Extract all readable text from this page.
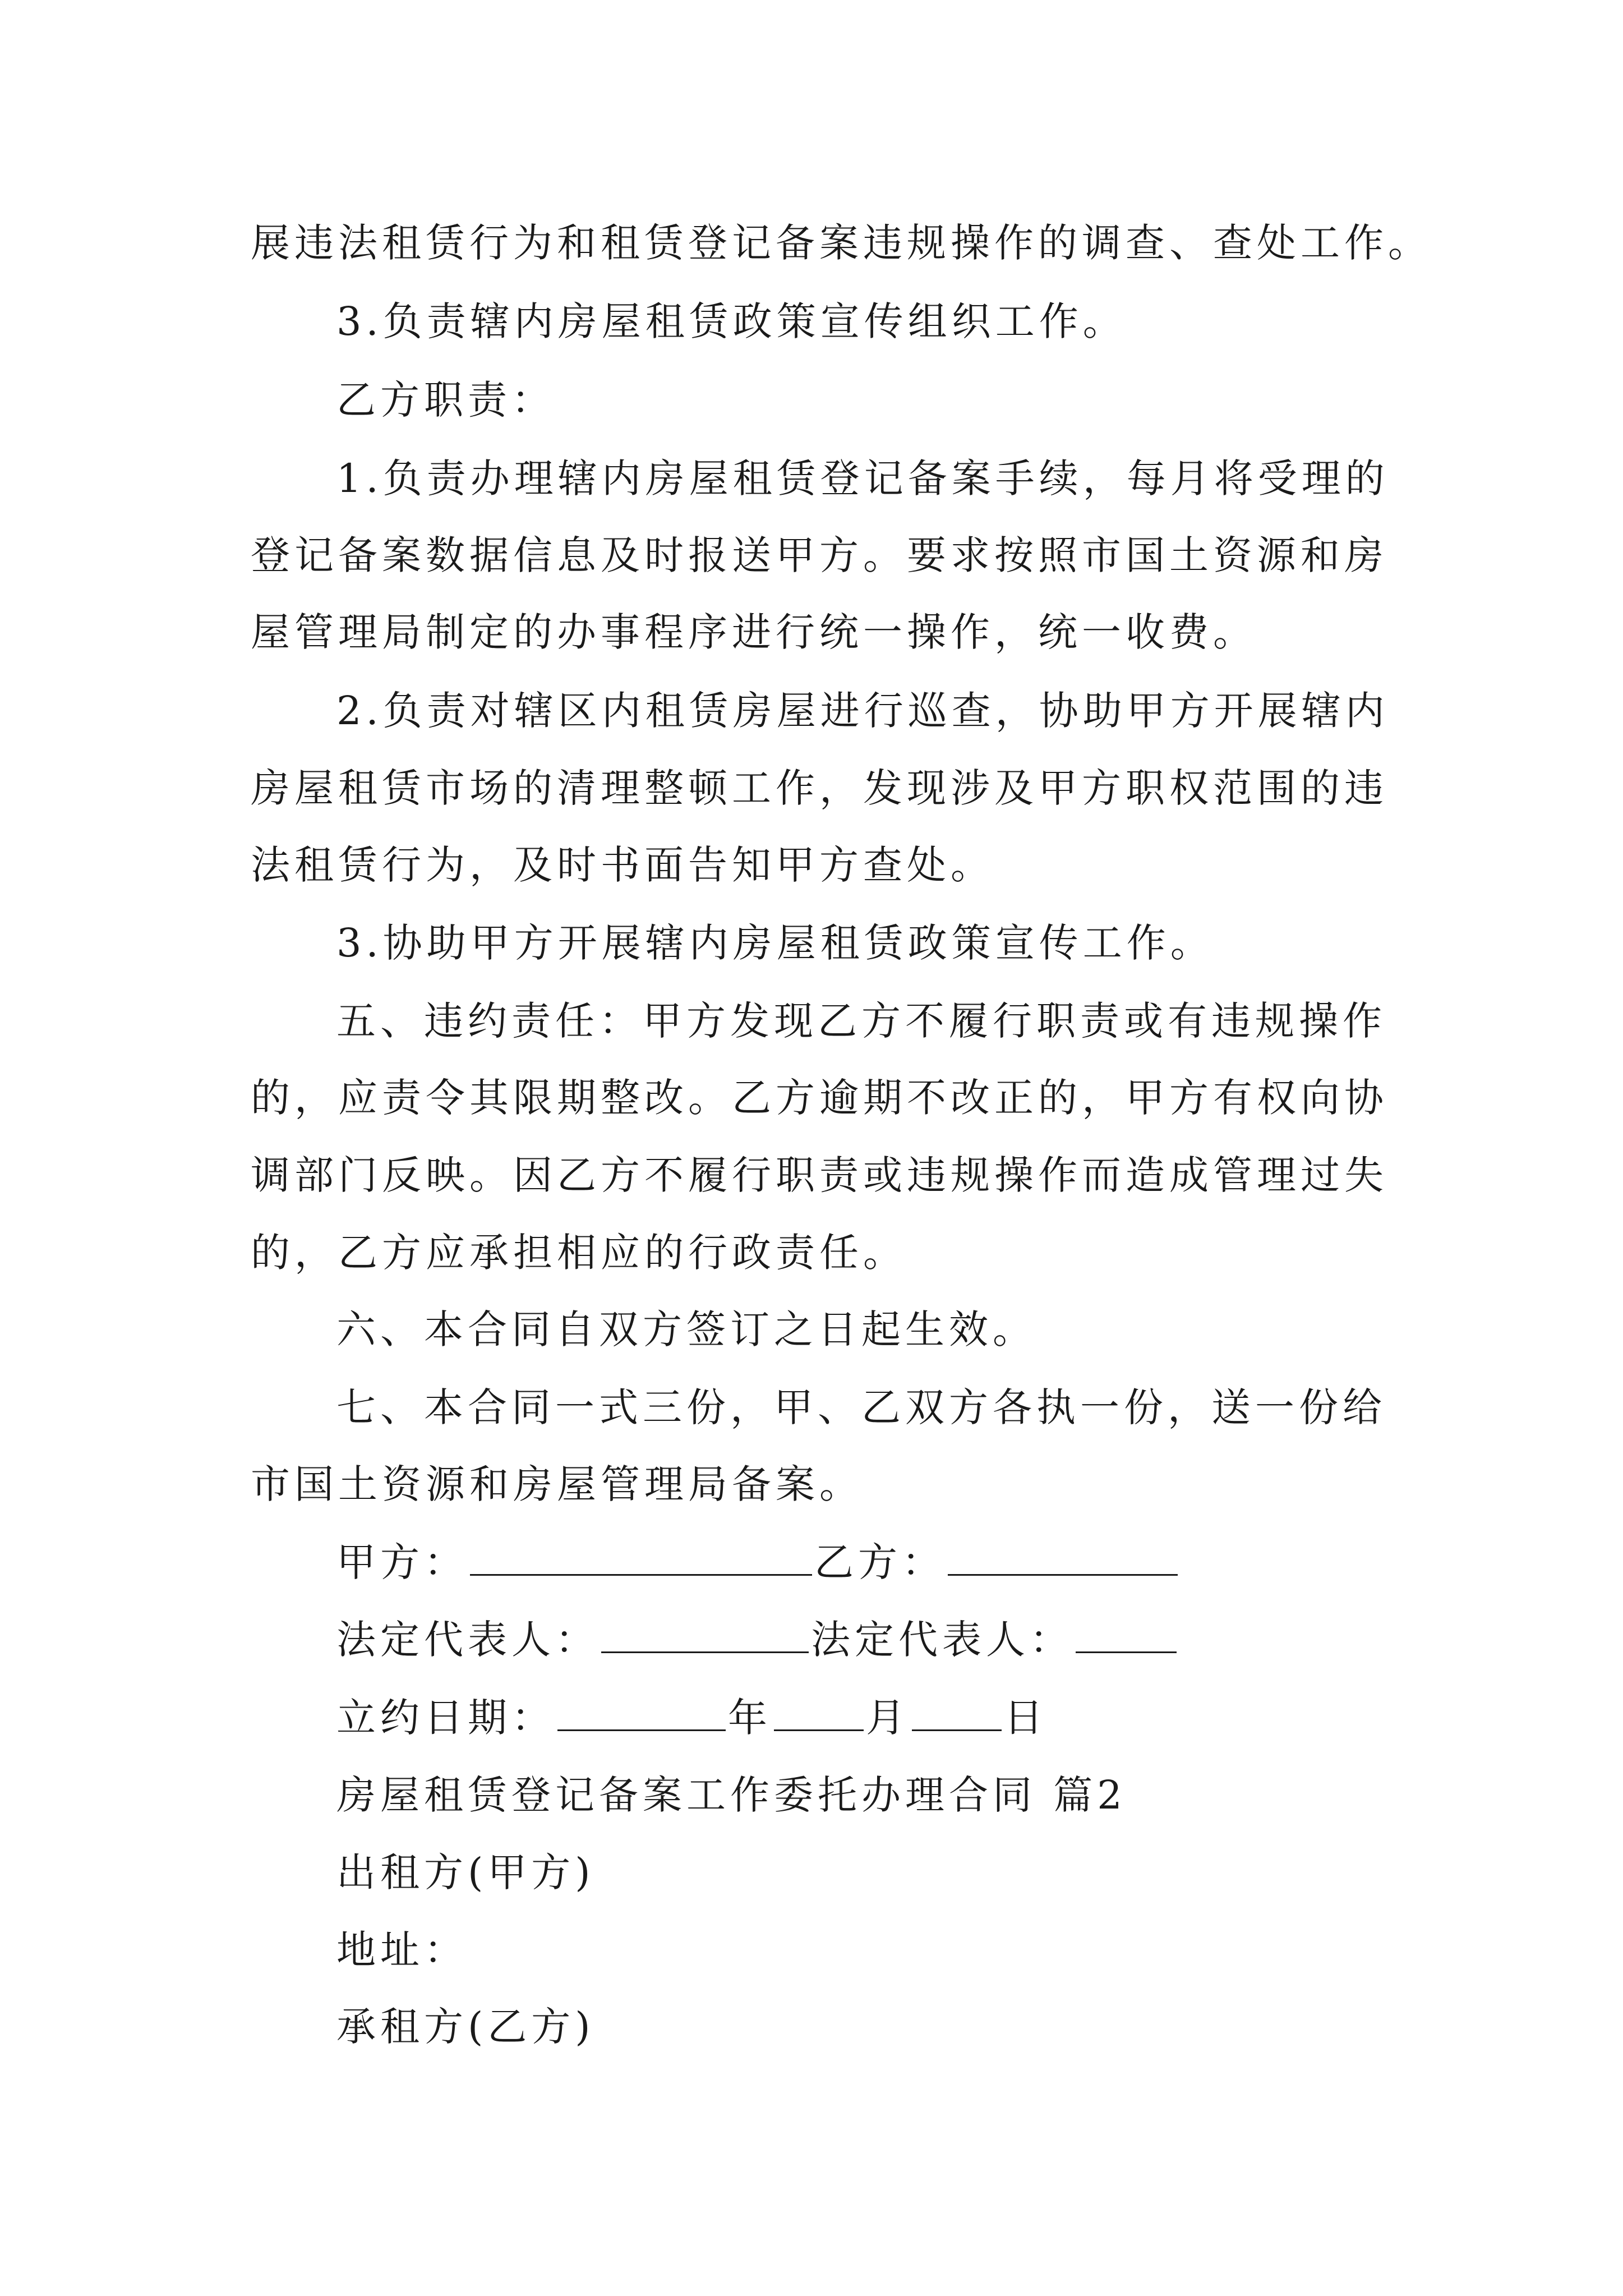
展违法租赁行为和租赁登记备案违规操作的调查、查处工作。
3.负责辖内房屋租赁政策宣传组织工作。
乙方职责：
1.负责办理辖内房屋租赁登记备案手续，每月将受理的
登记备案数据信息及时报送甲方。要求按照市国土资源和房
屋管理局制定的办事程序进行统一操作，统一收费。
2.负责对辖区内租赁房屋进行巡查，协助甲方开展辖内
房屋租赁市场的清理整顿工作，发现涉及甲方职权范围的违
法租赁行为，及时书面告知甲方查处。
3.协助甲方开展辖内房屋租赁政策宣传工作。
五、违约责任：甲方发现乙方不履行职责或有违规操作
的，应责令其限期整改。乙方逾期不改正的，甲方有权向协
调部门反映。因乙方不履行职责或违规操作而造成管理过失
的，乙方应承担相应的行政责任。
六、本合同自双方签订之日起生效。
七、本合同一式三份，甲、乙双方各执一份，送一份给
市国土资源和房屋管理局备案。
甲方：	乙方：
法定代表人：	法定代表人：
立约日期：	年 月 日
房屋租赁登记备案工作委托办理合同 篇2
出租方(甲方)
地址：
承租方(乙方)
